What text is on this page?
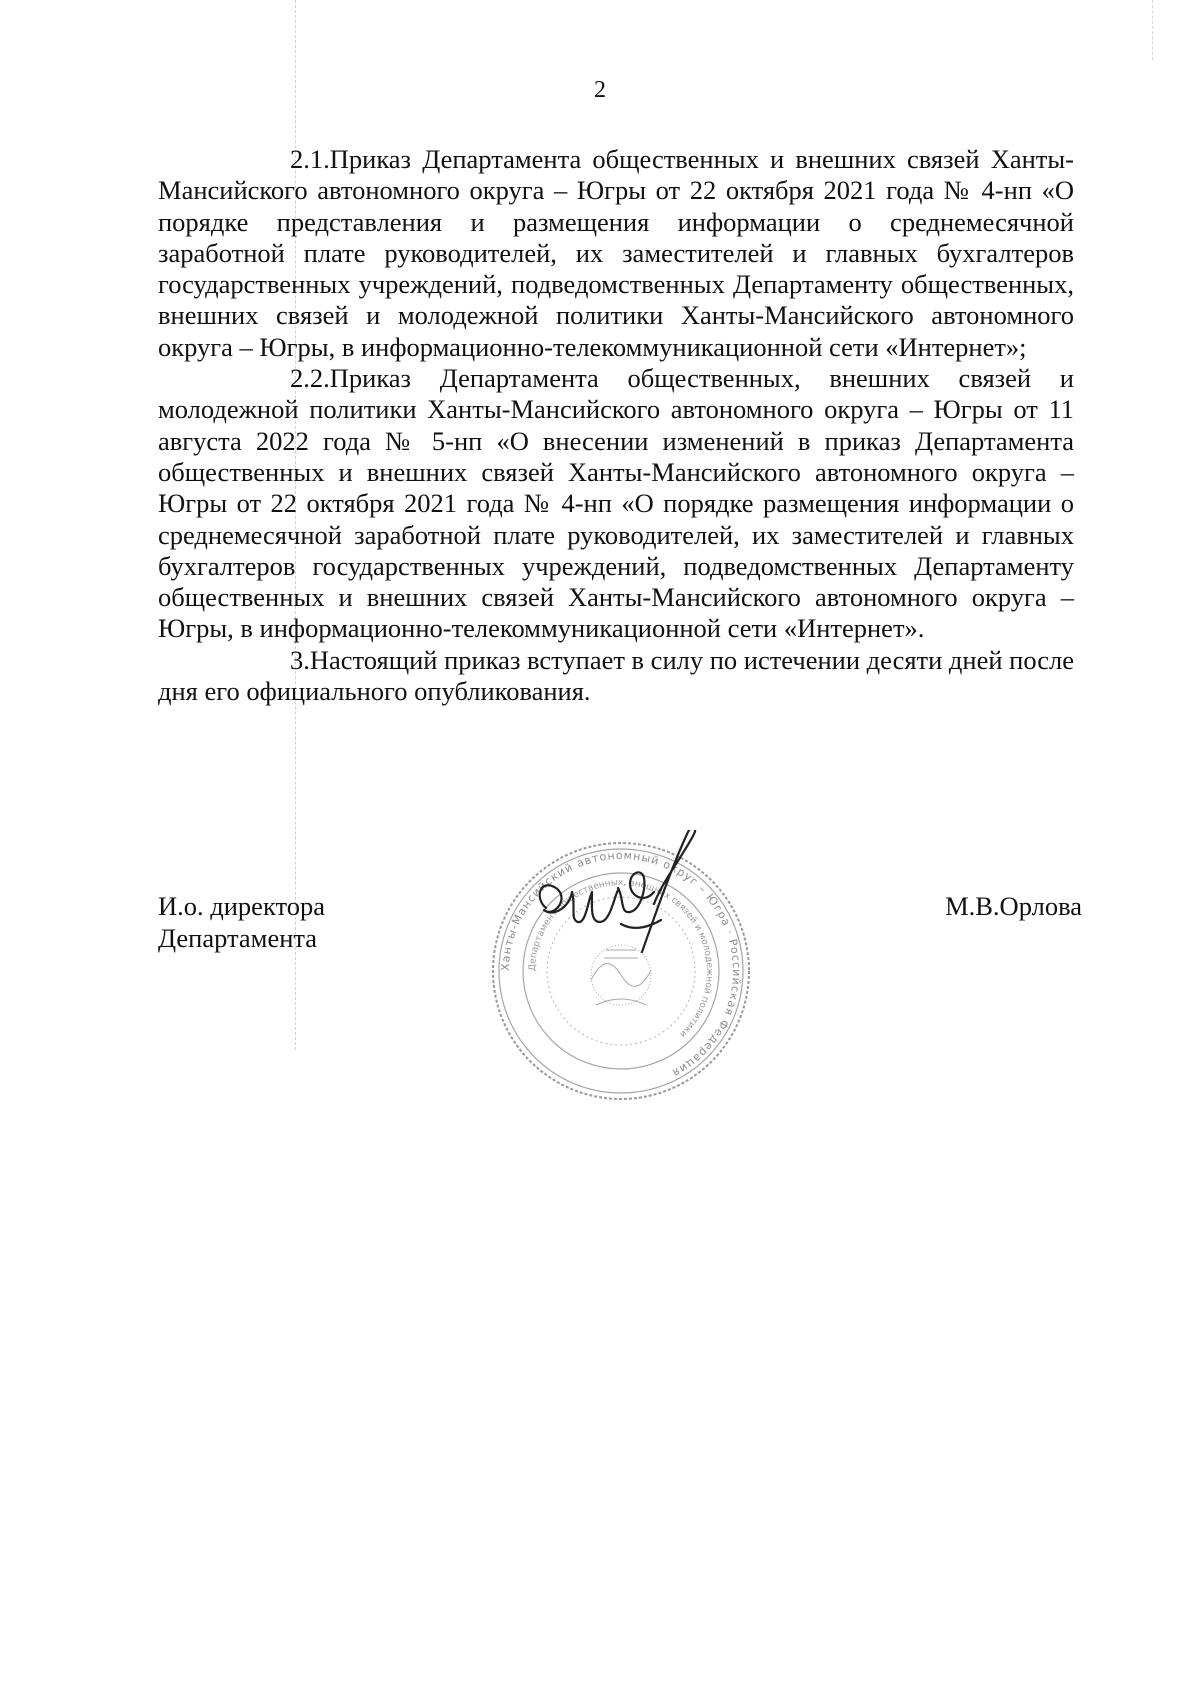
2

2.1.Приказ Департамента общественных и внешних связей Ханты-Мансийского автономного округа – Югры от 22 октября 2021 года № 4-нп «О порядке представления и размещения информации о среднемесячной заработной плате руководителей, их заместителей и главных бухгалтеров государственных учреждений, подведомственных Департаменту общественных, внешних связей и молодежной политики Ханты-Мансийского автономного округа – Югры, в информационно-телекоммуникационной сети «Интернет»;

2.2.Приказ Департамента общественных, внешних связей и молодежной политики Ханты-Мансийского автономного округа – Югры от 11 августа 2022 года № 5-нп «О внесении изменений в приказ Департамента общественных и внешних связей Ханты-Мансийского автономного округа – Югры от 22 октября 2021 года № 4-нп «О порядке размещения информации о среднемесячной заработной плате руководителей, их заместителей и главных бухгалтеров государственных учреждений, подведомственных Департаменту общественных и внешних связей Ханты-Мансийского автономного округа – Югры, в информационно-телекоммуникационной сети «Интернет».

3.Настоящий приказ вступает в силу по истечении десяти дней после дня его официального опубликования.

И.о. директора
Департамента
Ханты-Мансийский автономный округ – Югра · Российская Федерация
Департамент общественных, внешних связей и молодежной политики
М.В.Орлова
